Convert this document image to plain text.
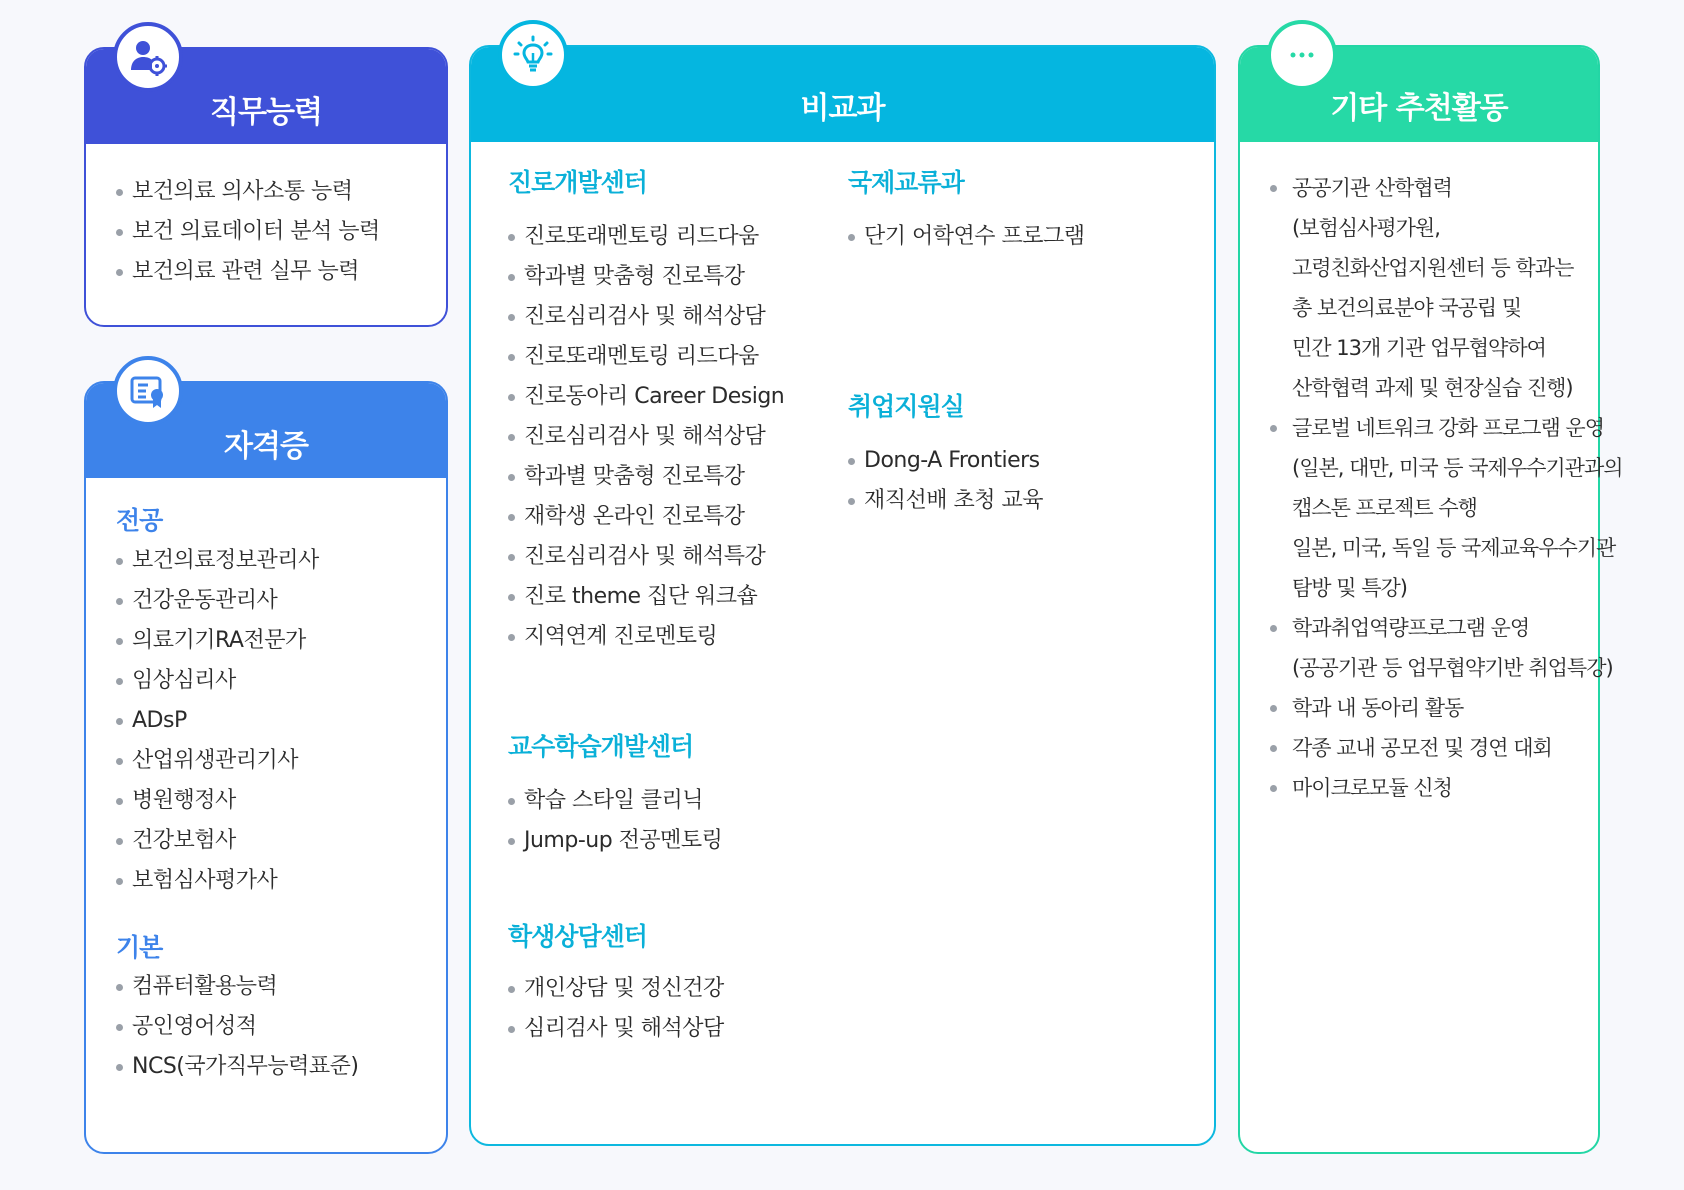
직무능력
보건의료 의사소통 능력
보건 의료데이터 분석 능력
보건의료 관련 실무 능력
자격증
전공
보건의료정보관리사
건강운동관리사
의료기기RA전문가
임상심리사
ADsP
산업위생관리기사
병원행정사
건강보험사
보험심사평가사
기본
컴퓨터활용능력
공인영어성적
NCS(국가직무능력표준)
비교과
진로개발센터
진로또래멘토링 리드다움
학과별 맞춤형 진로특강
진로심리검사 및 해석상담
진로또래멘토링 리드다움
진로동아리 Career Design
진로심리검사 및 해석상담
학과별 맞춤형 진로특강
재학생 온라인 진로특강
진로심리검사 및 해석특강
진로 theme 집단 워크숍
지역연계 진로멘토링
교수학습개발센터
학습 스타일 클리닉
Jump-up 전공멘토링
학생상담센터
개인상담 및 정신건강
심리검사 및 해석상담
국제교류과
단기 어학연수 프로그램
취업지원실
Dong-A Frontiers
재직선배 초청 교육
기타 추천활동
공공기관 산학협력
(보험심사평가원,
고령친화산업지원센터 등 학과는
총 보건의료분야 국공립 및
민간 13개 기관 업무협약하여
산학협력 과제 및 현장실습 진행)
글로벌 네트워크 강화 프로그램 운영
(일본, 대만, 미국 등 국제우수기관과의
캡스톤 프로젝트 수행
일본, 미국, 독일 등 국제교육우수기관
탐방 및 특강)
학과취업역량프로그램 운영
(공공기관 등 업무협약기반 취업특강)
학과 내 동아리 활동
각종 교내 공모전 및 경연 대회
마이크로모듈 신청
